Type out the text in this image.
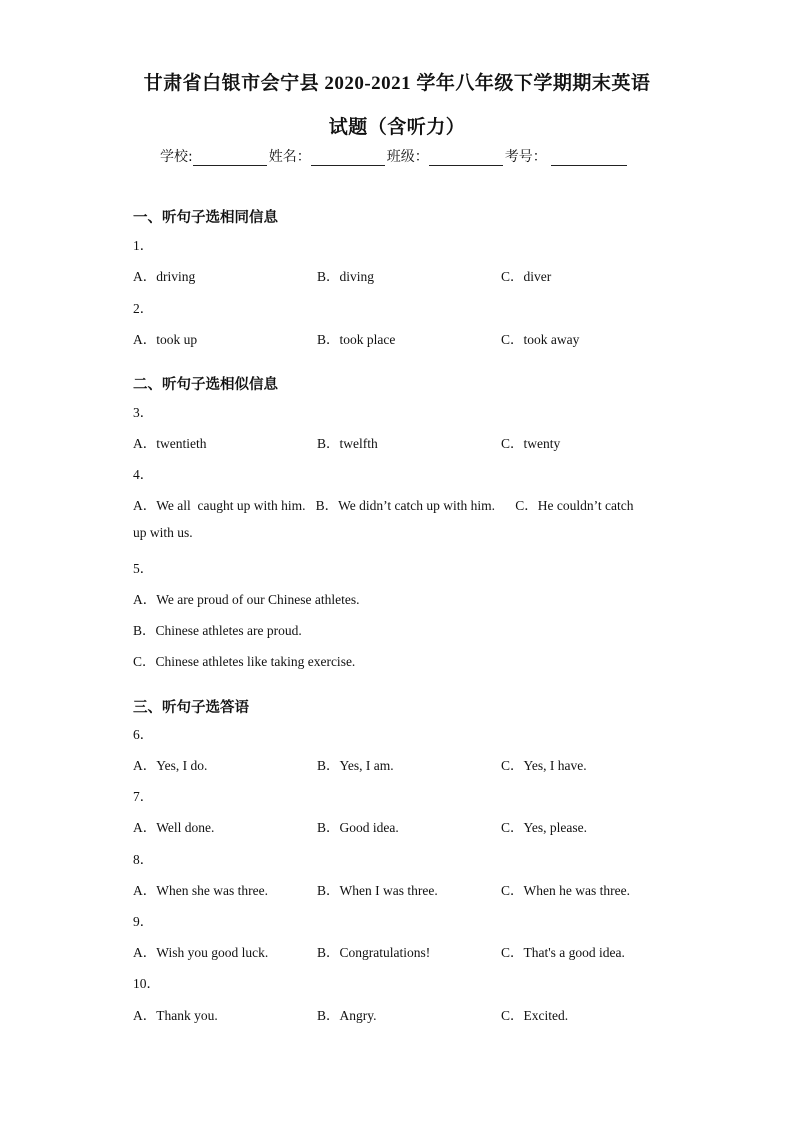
甘肃省白银市会宁县 2020-2021 学年八年级下学期期末英语
试题（含听力）
学校:	姓名：	班级：	考号：
一、听句子选相同信息
1．
A．driving	B．diving	C．diver
2．
A．took up	B．took place	C．took away
二、听句子选相似信息
3．
A．twentieth	B．twelfth	C．twenty
4．
A．We all  caught up with him.   B．We didn’t catch up with him.      C．He couldn’t catch
up with us.
5．
A．We are proud of our Chinese athletes.
B．Chinese athletes are proud.
C．Chinese athletes like taking exercise.
三、听句子选答语
6．
A．Yes, I do.	B．Yes, I am.	C．Yes, I have.
7．
A．Well done.	B．Good idea.	C．Yes, please.
8．
A．When she was three.	B．When I was three.	C．When he was three.
9．
A．Wish you good luck.	B．Congratulations!	C．That's a good idea.
10．
A．Thank you.	B．Angry.	C．Excited.
